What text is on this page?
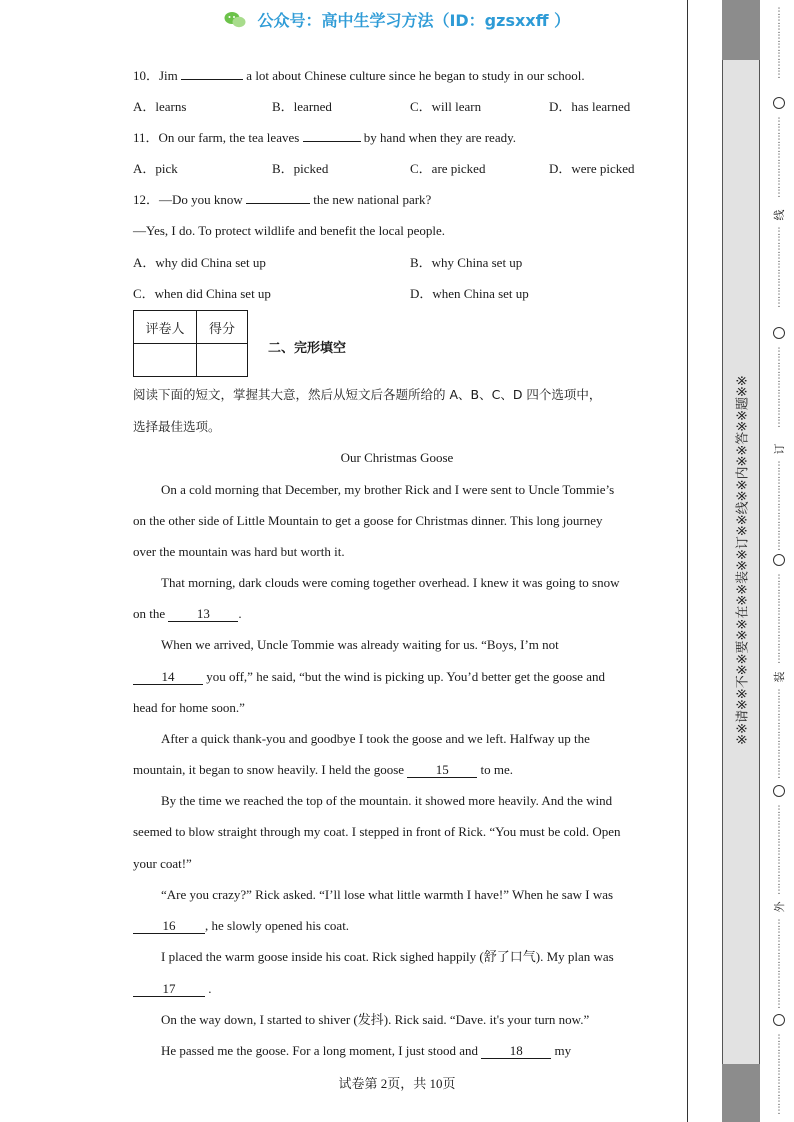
公众号：高中生学习方法（ID：gzsxxff ）
10．Jim	a lot about Chinese culture since he began to study in our school.
A．learns	B．learned	C．will learn	D．has learned
11．On our farm, the tea leaves	by hand when they are ready.
A．pick	B．picked	C．are picked	D．were picked
12．—Do you know	the new national park?
—Yes, I do. To protect wildlife and benefit the local people.
A．why did China set up	B．why China set up
C．when did China set up	D．when China set up
评卷人	得分

二、完形填空
阅读下面的短文，掌握其大意，然后从短文后各题所给的 A、B、C、D 四个选项中，
选择最佳选项。
Our Christmas Goose
On a cold morning that December, my brother Rick and I were sent to Uncle Tommie’s
on the other side of Little Mountain to get a goose for Christmas dinner. This long journey
over the mountain was hard but worth it.
That morning, dark clouds were coming together overhead. I knew it was going to snow
on the 13 .
When we arrived, Uncle Tommie was already waiting for us. “Boys, I’m not
14 you off,” he said, “but the wind is picking up. You’d better get the goose and
head for home soon.”
After a quick thank-you and goodbye I took the goose and we left. Halfway up the
mountain, it began to snow heavily. I held the goose 15 to me.
By the time we reached the top of the mountain. it showed more heavily. And the wind
seemed to blow straight through my coat. I stepped in front of Rick. “You must be cold. Open
your coat!”
“Are you crazy?” Rick asked. “I’ll lose what little warmth I have!” When he saw I was
16 , he slowly opened his coat.
I placed the warm goose inside his coat. Rick sighed happily (舒了口气). My plan was
17 .
On the way down, I started to shiver (发抖). Rick said. “Dave. it's your turn now.”
He passed me the goose. For a long moment, I just stood and 18 my
试卷第 2页，共 10页
※※请※※不※※要※※在※※装※※订※※线※※内※※答※※题※※
⋮
⋮
⋮
⋮
⋮
⋮
⋮
⋮
⋮
⋮
⋮
⋮
⋮
⋮
⋮
⋮
⋮
线
⋮
⋮
⋮
⋮
⋮
⋮
⋮
⋮
⋮
⋮
⋮
⋮
⋮
⋮
⋮
⋮
⋮
⋮
订
⋮
⋮
⋮
⋮
⋮
⋮
⋮
⋮
⋮
⋮
⋮
⋮
⋮
⋮
⋮
⋮
⋮
⋮
⋮
⋮
装
⋮
⋮
⋮
⋮
⋮
⋮
⋮
⋮
⋮
⋮
⋮
⋮
⋮
⋮
⋮
⋮
⋮
⋮
⋮
⋮
外
⋮
⋮
⋮
⋮
⋮
⋮
⋮
⋮
⋮
⋮
⋮
⋮
⋮
⋮
⋮
⋮
⋮
⋮
⋮
